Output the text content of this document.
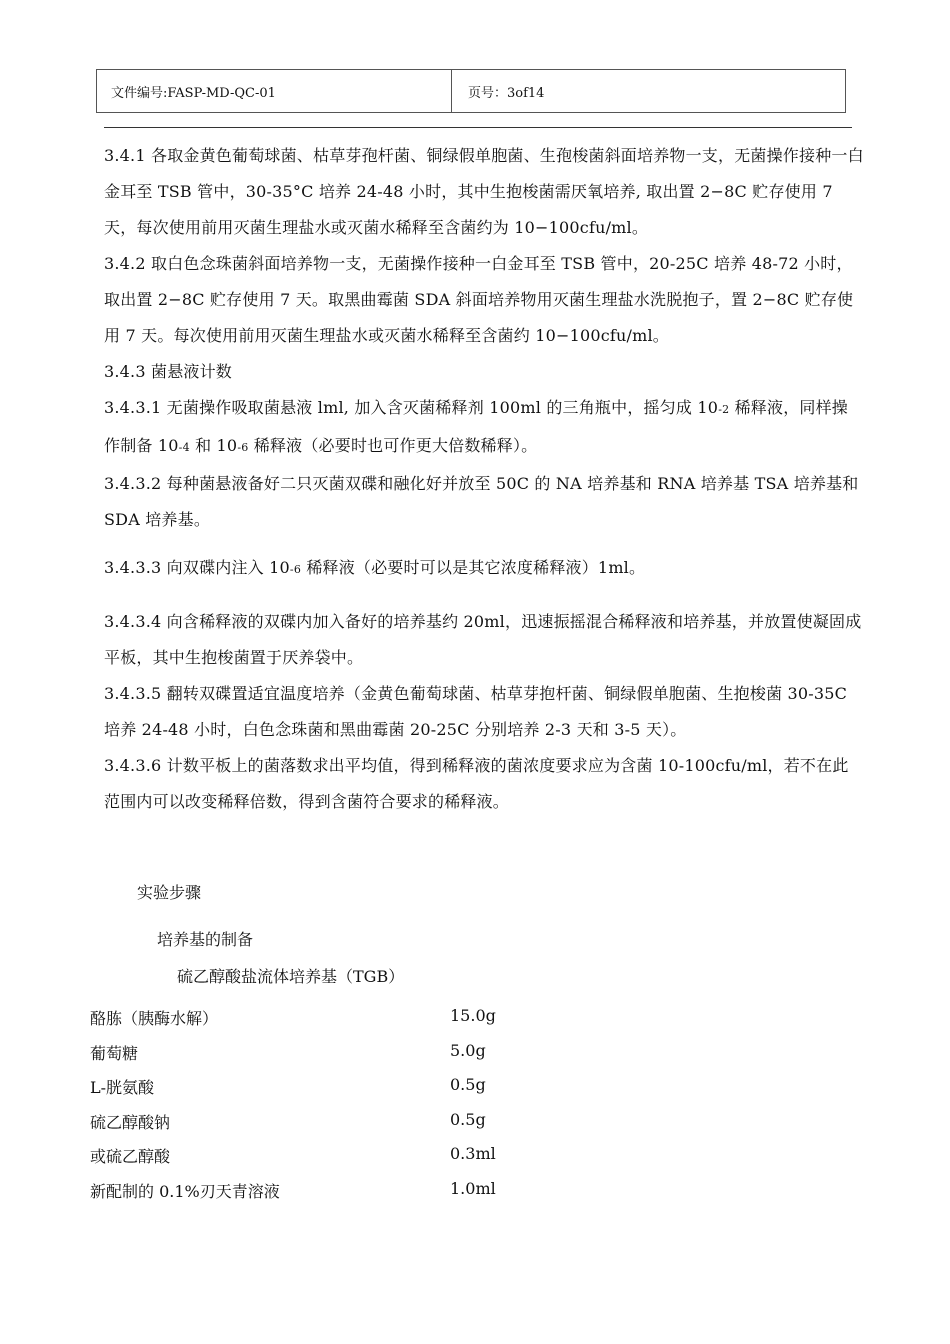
文件编号:FASP-MD-QC-01	页号：3of14

3.4.1 各取金黄色葡萄球菌、枯草芽孢杆菌、铜绿假单胞菌、生孢梭菌斜面培养物一支，无菌操作接种一白金耳至 TSB 管中，30-35°C 培养 24-48 小时，其中生抱梭菌需厌氧培养, 取出置 2−8C 贮存使用 7 天，每次使用前用灭菌生理盐水或灭菌水稀释至含菌约为 10−100cfu/ml。

3.4.2 取白色念珠菌斜面培养物一支，无菌操作接种一白金耳至 TSB 管中，20-25C 培养 48-72 小时，取出置 2−8C 贮存使用 7 天。取黑曲霉菌 SDA 斜面培养物用灭菌生理盐水洗脱抱子，置 2−8C 贮存使用 7 天。每次使用前用灭菌生理盐水或灭菌水稀释至含菌约 10−100cfu/ml。

3.4.3 菌悬液计数

3.4.3.1 无菌操作吸取菌悬液 lml, 加入含灭菌稀释剂 100ml 的三角瓶中，摇匀成 10-2 稀释液，同样操作制备 10-4 和 10-6 稀释液（必要时也可作更大倍数稀释）。

3.4.3.2 每种菌悬液备好二只灭菌双碟和融化好并放至 50C 的 NA 培养基和 RNA 培养基 TSA 培养基和 SDA 培养基。

3.4.3.3 向双碟内注入 10-6 稀释液（必要时可以是其它浓度稀释液）1ml。

3.4.3.4 向含稀释液的双碟内加入备好的培养基约 20ml，迅速振摇混合稀释液和培养基，并放置使凝固成平板，其中生抱梭菌置于厌养袋中。

3.4.3.5 翻转双碟置适宜温度培养（金黄色葡萄球菌、枯草芽抱杆菌、铜绿假单胞菌、生抱梭菌 30-35C 培养 24-48 小时，白色念珠菌和黑曲霉菌 20-25C 分别培养 2-3 天和 3-5 天）。

3.4.3.6 计数平板上的菌落数求出平均值，得到稀释液的菌浓度要求应为含菌 10-100cfu/ml，若不在此范围内可以改变稀释倍数，得到含菌符合要求的稀释液。

实验步骤
培养基的制备
硫乙醇酸盐流体培养基（TGB）
酪胨（胰酶水解）	15.0g
葡萄糖	5.0g
L-胱氨酸	0.5g
硫乙醇酸钠	0.5g
或硫乙醇酸	0.3ml
新配制的 0.1%刃天青溶液	1.0ml
